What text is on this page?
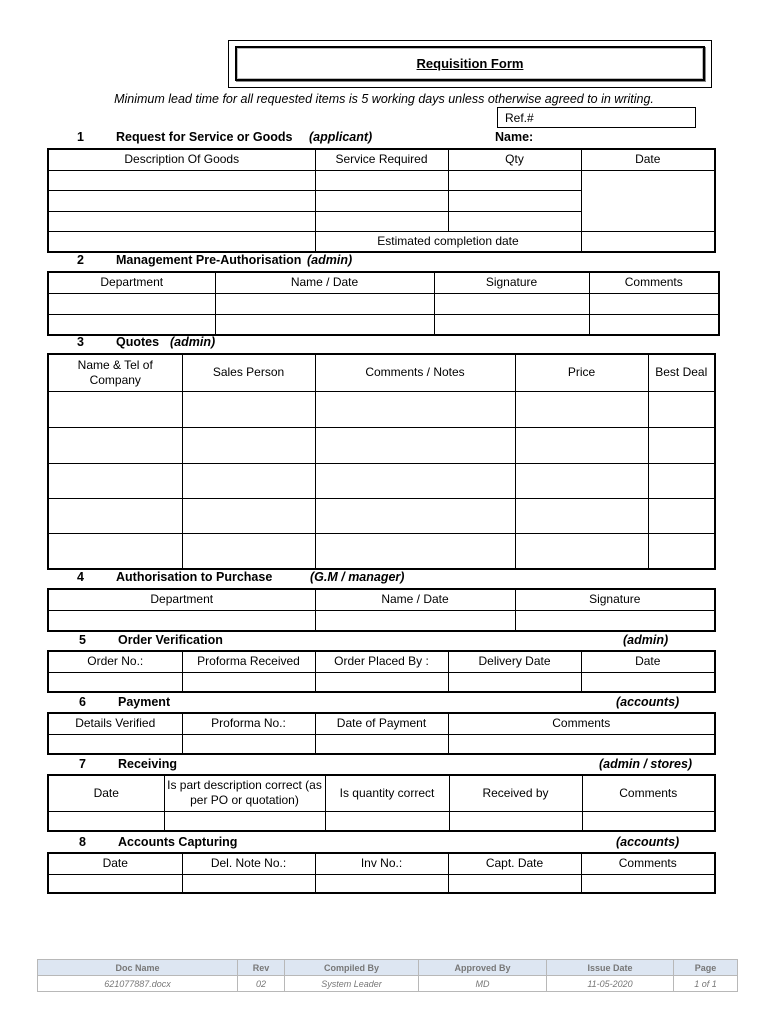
Requisition Form
Minimum lead time for all requested items is 5 working days unless otherwise agreed to in writing.
Ref.#
1	Request for Service or Goods (applicant)	Name:
Description Of Goods	Service Required	Qty	Date

	Estimated completion date		
2	Management Pre-Authorisation (admin)
Department	Name / Date	Signature	Comments

3	Quotes (admin)
Name & Tel of Company	Sales Person	Comments / Notes	Price	Best Deal

4	Authorisation to Purchase	(G.M / manager)
Department	Name / Date	Signature

5	Order Verification	(admin)
Order No.:	Proforma Received	Order Placed By :	Delivery Date	Date

6	Payment	(accounts)
Details Verified	Proforma No.:	Date of Payment	Comments

7	Receiving	(admin / stores)
Date	Is part description correct (as per PO or quotation)	Is quantity correct	Received by	Comments

8	Accounts Capturing	(accounts)
Date	Del. Note No.:	Inv No.:	Capt. Date	Comments

Doc Name	Rev	Compiled By	Approved By	Issue Date	Page
621077887.docx	02	System Leader	MD	11-05-2020	1 of 1
